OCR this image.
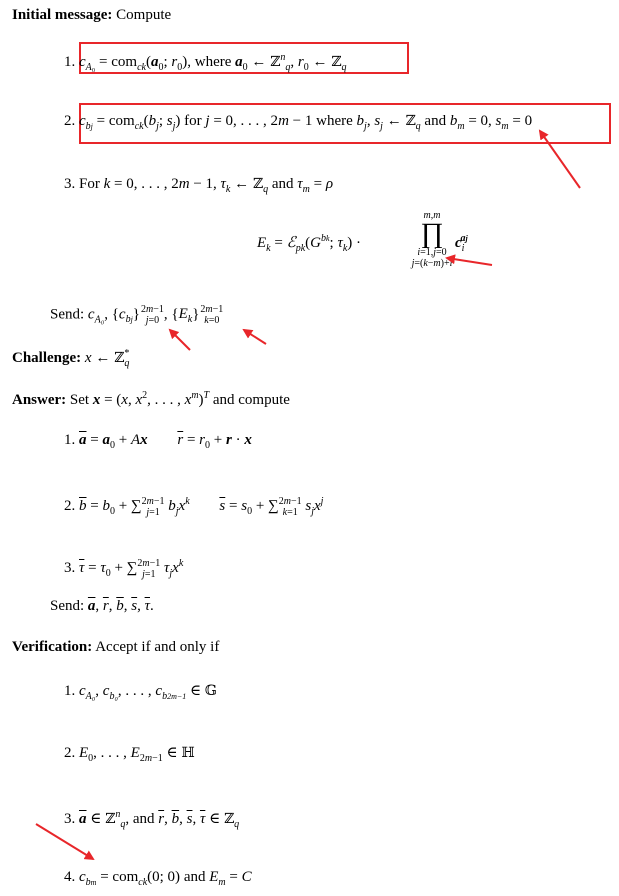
Initial message: Compute
1. $c_{A_0} = com_{ck}(a_0$; $r_0$), where $a_0$ ← ℤ$^n_q$, $r_0$ ← ℤ$_q$
2. $c_{bj} = com_{ck}(b_j$; $s_j$) for j = 0, . . . , 2m − 1 where $b_j$, $s_j$ ← ℤ$_q$ and $b_m = 0$, $s_m = 0$
3. For k = 0, . . . , 2m − 1, $\tau_k$ ← ℤ$_q$ and $\tau_m = \rho$
$E_k$ = $ℰ_{pk}(G^{bk}$; $\tau_k$) ·
m,m
∏
i=1,j=0
j=(k−m)+i
$c_i^{aj}$
Send: $c_{A_0}$, $\{c_{bj}\}$ 2m−1
j=0 , $\{E_k\}$ 2m−1
k=0
Challenge: x ← ℤ*$_q$
Answer: Set x = (x, $x^2$, . . . , $x^m)^T$ and compute
1. $\overline{a} = a_0 + Ax$ $\overline{r} = r_0 + r \cdot x$
2. $\overline{b} = b_0$ + ∑ 2m−1
j=1 $b_jx^k$ $\overline{s} = s_0$ + ∑ 2m−1
k=1 $s_jx^j$
3. $\overline{\tau} = \tau_0$ + ∑ 2m−1
j=1 $\tau_jx^k$
Send: $\overline{a}$, $\overline{r}$, $\overline{b}$, $\overline{s}$, $\overline{\tau}$.
Verification: Accept if and only if
1. $c_{A_0}$, $c_{b_0}$, . . . , $c_{b2m-1}$ ∈ 𝔾
2. $E_0$, . . . , $E_{2m-1}$ ∈ ℍ
3. $\overline{a}$ ∈ ℤ$^n_q$, and $\overline{r}$, $\overline{b}$, $\overline{s}$, $\overline{\tau}$ ∈ ℤ$_q$
4. $c_{bm} = com_{ck}(0$; 0) and $E_m = C$
